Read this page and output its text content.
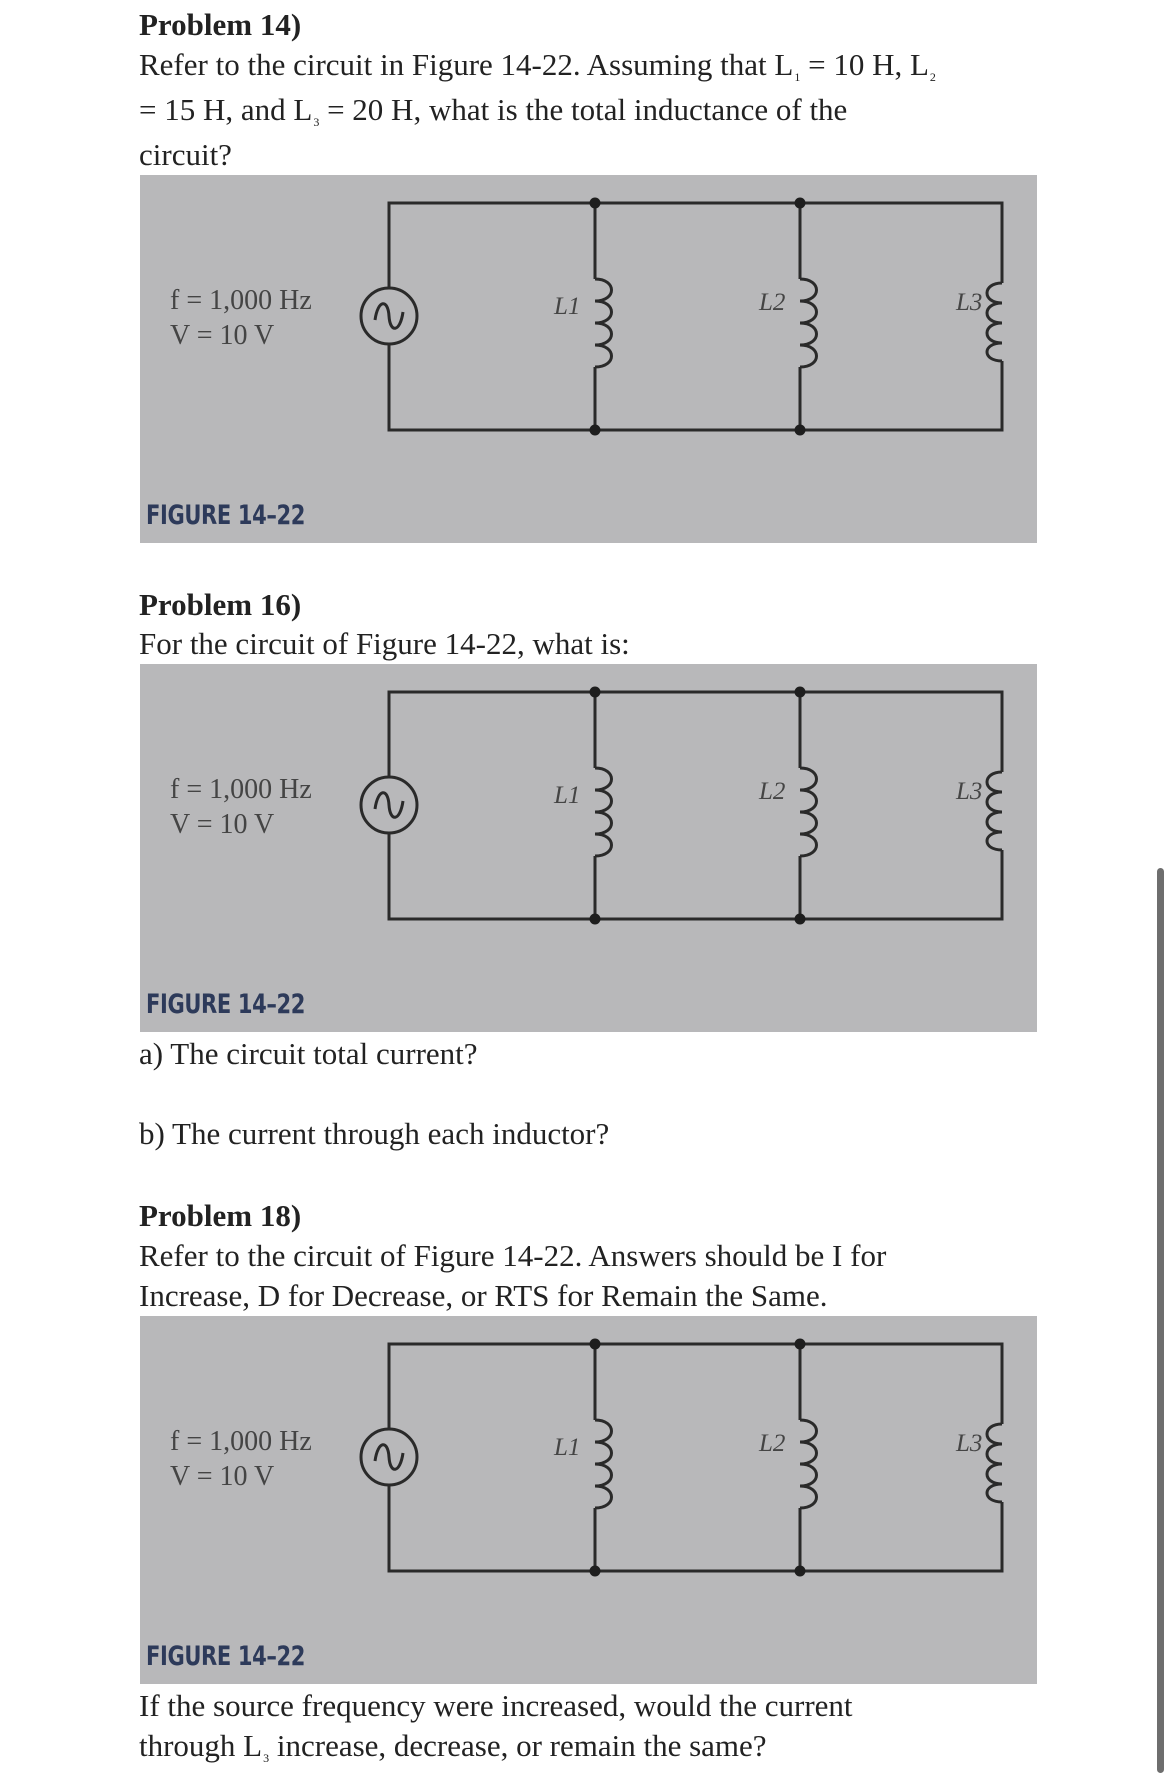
Problem 14)
Refer to the circuit in Figure 14-22. Assuming that $L_1 = 10$ H, $L_2$
= 15 H, and $L_3 = 20$ H, what is the total inductance of the
circuit?
f = 1,000 Hz
V = 10 V
L1	L2	L3
FIGURE 14–22
Problem 16)
For the circuit of Figure 14-22, what is:
f = 1,000 Hz
V = 10 V
L1	L2	L3
FIGURE 14–22
a) The circuit total current?
b) The current through each inductor?
Problem 18)
Refer to the circuit of Figure 14-22. Answers should be I for
Increase, D for Decrease, or RTS for Remain the Same.
f = 1,000 Hz
V = 10 V
L1	L2	L3
FIGURE 14–22
If the source frequency were increased, would the current
through $L_3$ increase, decrease, or remain the same?
